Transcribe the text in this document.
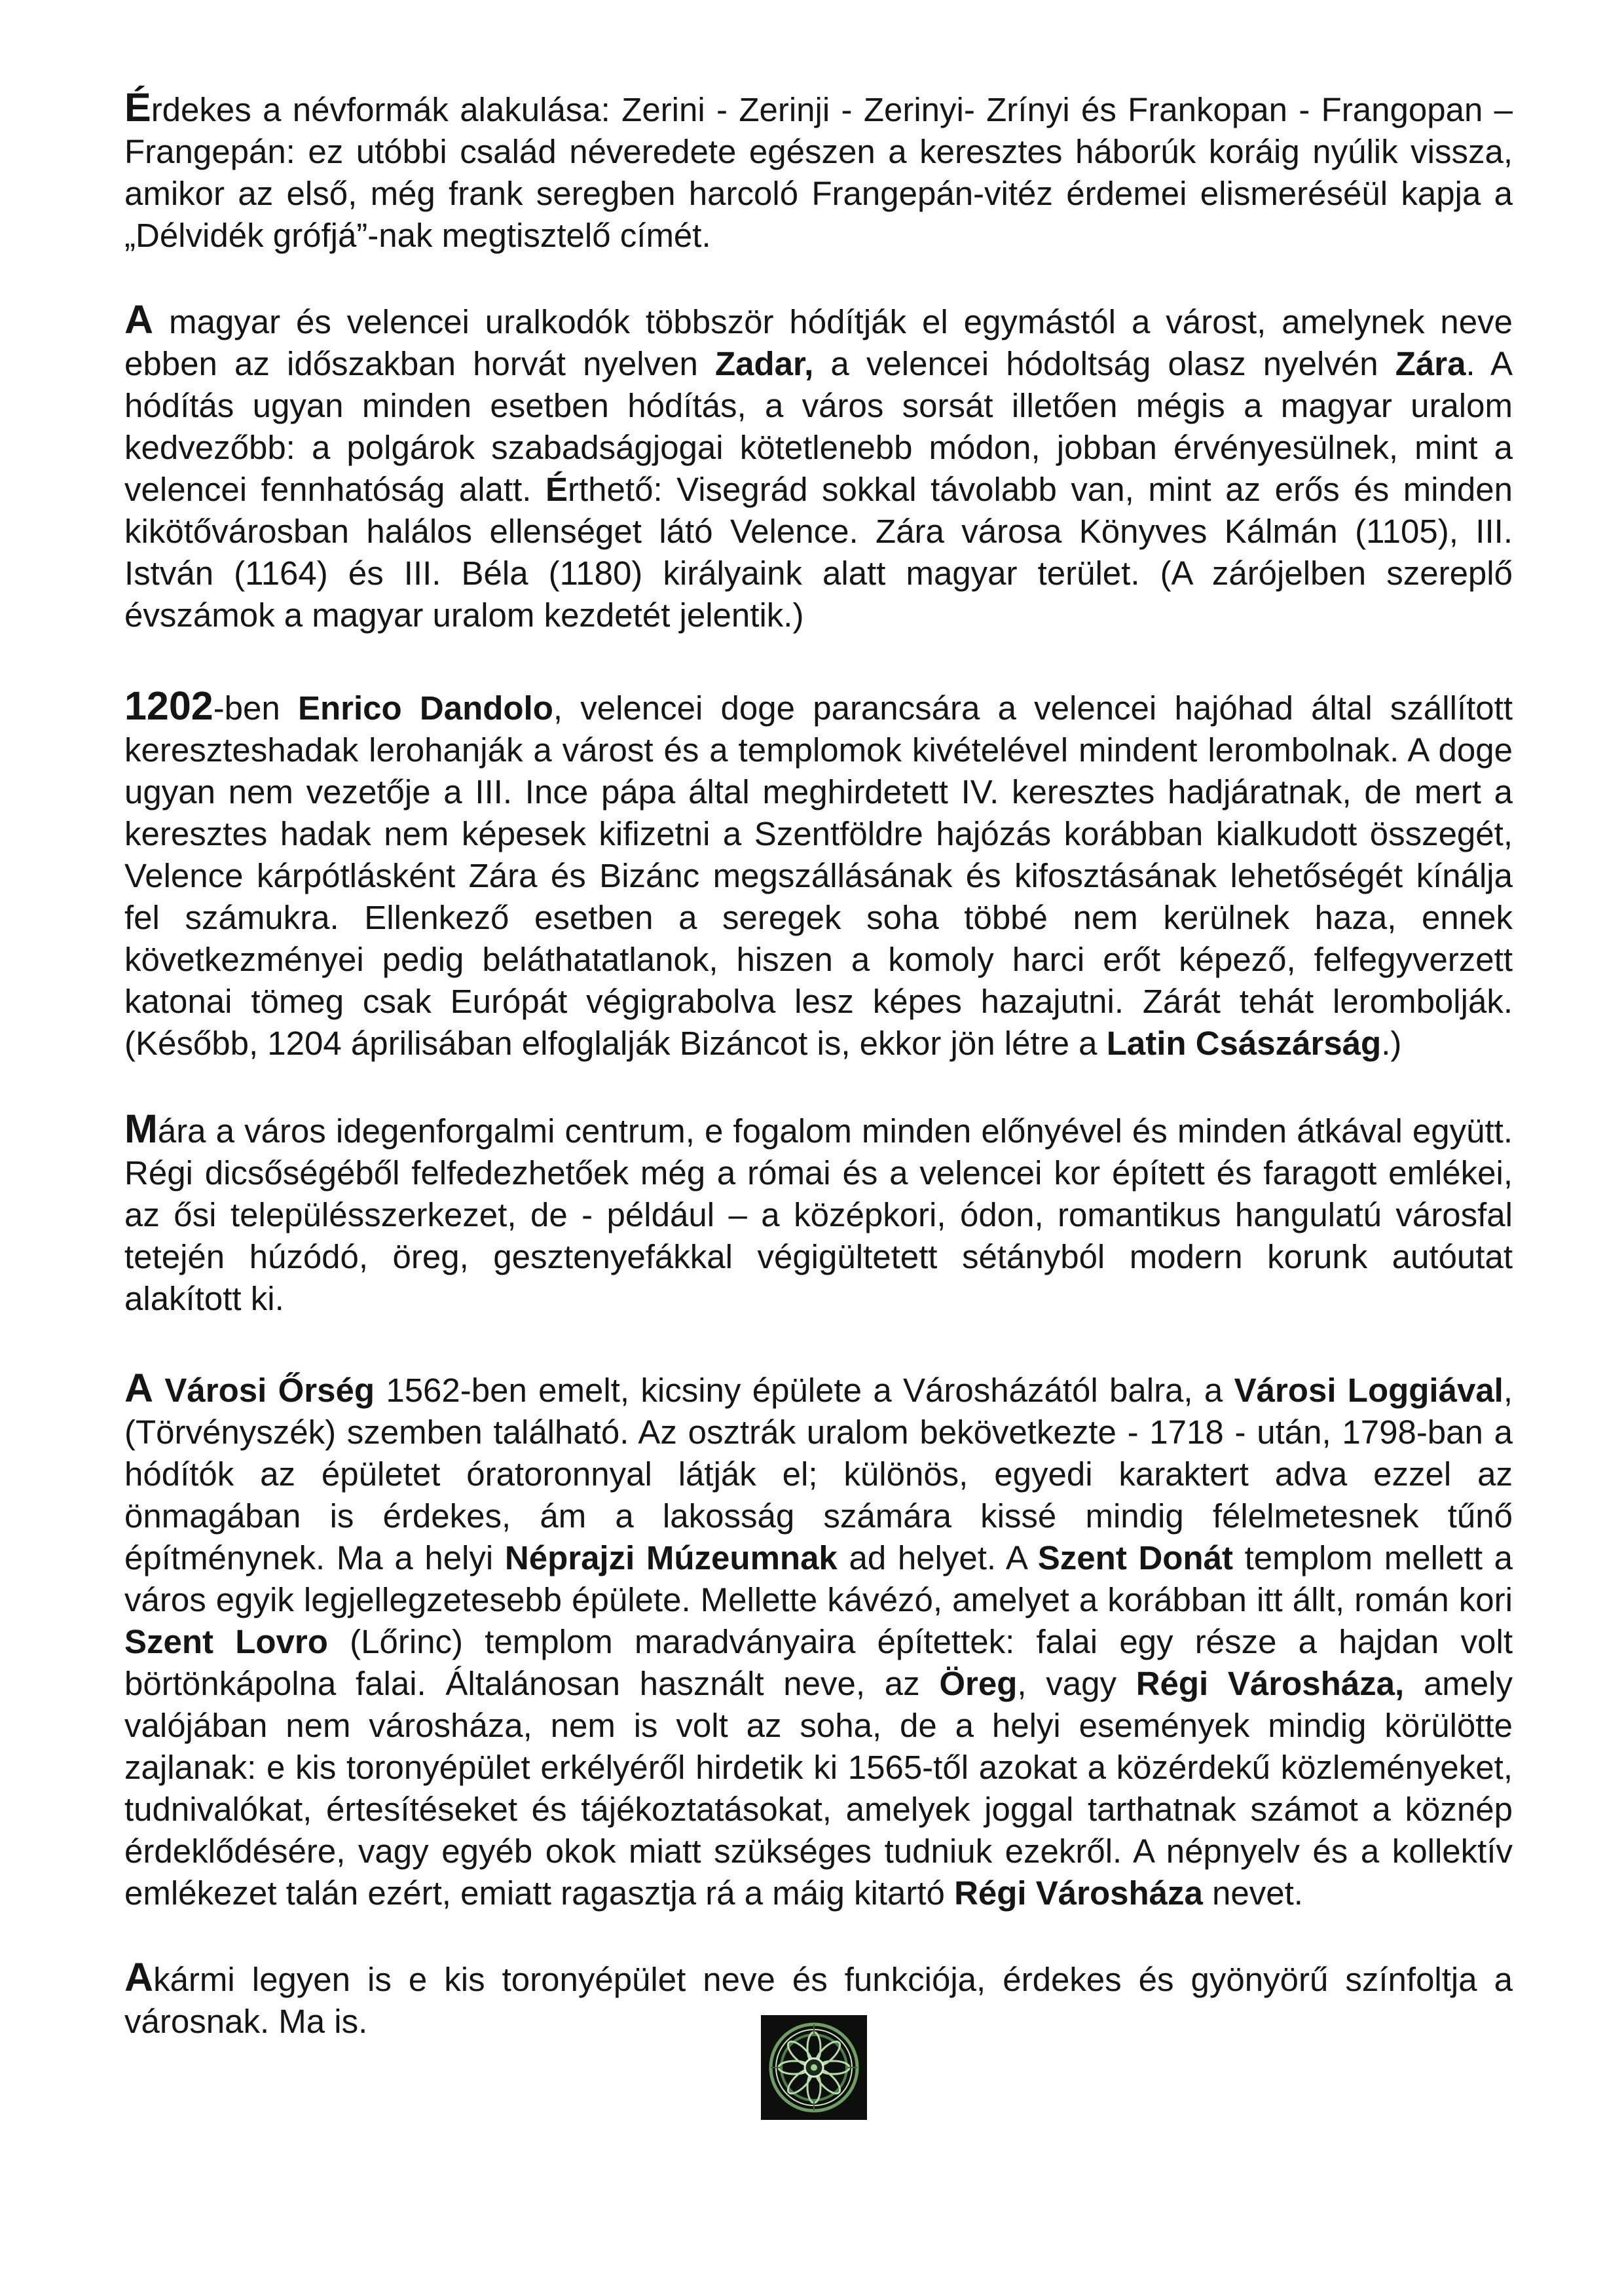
Érdekes a névformák alakulása: Zerini - Zerinji - Zerinyi- Zrínyi és Frankopan - Frangopan – Frangepán: ez utóbbi család néveredete egészen a keresztes háborúk koráig nyúlik vissza, amikor az első, még frank seregben harcoló Frangepán-vitéz érdemei elismeréséül kapja a „Délvidék grófjá”-nak megtisztelő címét.

A magyar és velencei uralkodók többször hódítják el egymástól a várost, amelynek neve ebben az időszakban horvát nyelven Zadar, a velencei hódoltság olasz nyelvén Zára. A hódítás ugyan minden esetben hódítás, a város sorsát illetően mégis a magyar uralom kedvezőbb: a polgárok szabadságjogai kötetlenebb módon, jobban érvényesülnek, mint a velencei fennhatóság alatt. Érthető: Visegrád sokkal távolabb van, mint az erős és minden kikötővárosban halálos ellenséget látó Velence. Zára városa Könyves Kálmán (1105), III. István (1164) és III. Béla (1180) királyaink alatt magyar terület. (A zárójelben szereplő évszámok a magyar uralom kezdetét jelentik.)

1202-ben Enrico Dandolo, velencei doge parancsára a velencei hajóhad által szállított kereszteshadak lerohanják a várost és a templomok kivételével mindent lerombolnak. A doge ugyan nem vezetője a III. Ince pápa által meghirdetett IV. keresztes hadjáratnak, de mert a keresztes hadak nem képesek kifizetni a Szentföldre hajózás korábban kialkudott összegét, Velence kárpótlásként Zára és Bizánc megszállásának és kifosztásának lehetőségét kínálja fel számukra. Ellenkező esetben a seregek soha többé nem kerülnek haza, ennek következményei pedig beláthatatlanok, hiszen a komoly harci erőt képező, felfegyverzett katonai tömeg csak Európát végigrabolva lesz képes hazajutni. Zárát tehát lerombolják. (Később, 1204 áprilisában elfoglalják Bizáncot is, ekkor jön létre a Latin Császárság.)

Mára a város idegenforgalmi centrum, e fogalom minden előnyével és minden átkával együtt. Régi dicsőségéből felfedezhetőek még a római és a velencei kor épített és faragott emlékei, az ősi településszerkezet, de - például – a középkori, ódon, romantikus hangulatú városfal tetején húzódó, öreg, gesztenyefákkal végigültetett sétányból modern korunk autóutat alakított ki.

A Városi Őrség 1562-ben emelt, kicsiny épülete a Városházától balra, a Városi Loggiával, (Törvényszék) szemben található. Az osztrák uralom bekövetkezte - 1718 - után, 1798-ban a hódítók az épületet óratoronnyal látják el; különös, egyedi karaktert adva ezzel az önmagában is érdekes, ám a lakosság számára kissé mindig félelmetesnek tűnő építménynek. Ma a helyi Néprajzi Múzeumnak ad helyet. A Szent Donát templom mellett a város egyik legjellegzetesebb épülete. Mellette kávézó, amelyet a korábban itt állt, román kori Szent Lovro (Lőrinc) templom maradványaira építettek: falai egy része a hajdan volt börtönkápolna falai. Általánosan használt neve, az Öreg, vagy Régi Városháza, amely valójában nem városháza, nem is volt az soha, de a helyi események mindig körülötte zajlanak: e kis toronyépület erkélyéről hirdetik ki 1565-től azokat a közérdekű közleményeket, tudnivalókat, értesítéseket és tájékoztatásokat, amelyek joggal tarthatnak számot a köznép érdeklődésére, vagy egyéb okok miatt szükséges tudniuk ezekről. A népnyelv és a kollektív emlékezet talán ezért, emiatt ragasztja rá a máig kitartó Régi Városháza nevet.

Akármi legyen is e kis toronyépület neve és funkciója, érdekes és gyönyörű színfoltja a városnak. Ma is.
